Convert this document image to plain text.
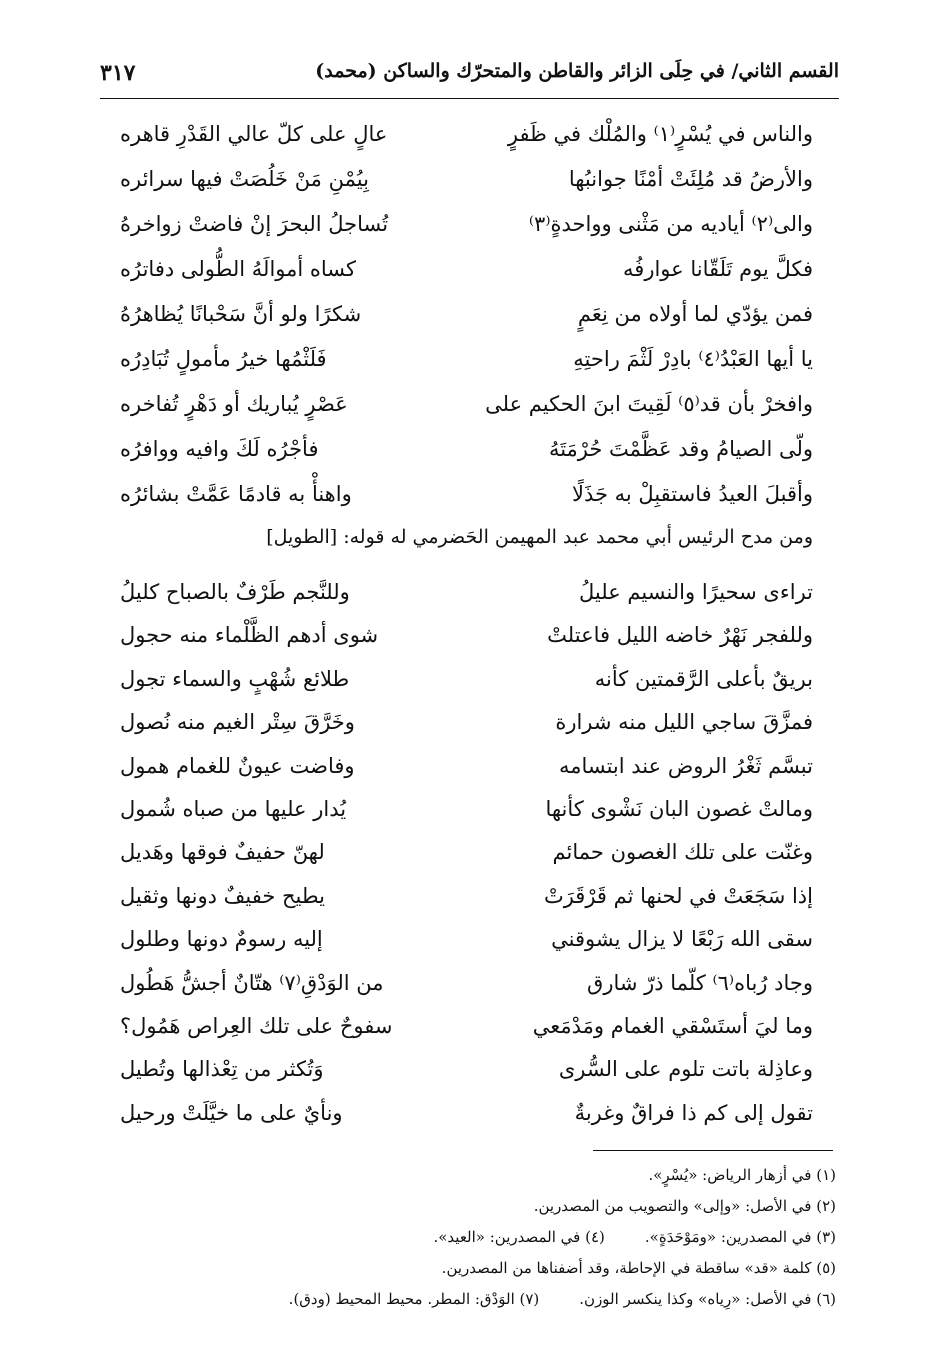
القسم الثاني/ في حِلَى الزائر والقاطن والمتحرّك والساكن (محمد)
٣١٧
والناس في يُسْرٍ⁽١⁾ والمُلْك في ظَفرٍ
عالٍ على كلّ عالي القَدْرِ قاهره
والأرضُ قد مُلِئَتْ أمْنًا جوانبُها
بِيُمْنِ مَنْ خَلُصَتْ فيها سرائره
والى⁽٢⁾ أياديه من مَثْنى وواحدةٍ⁽٣⁾
تُساجلُ البحرَ إنْ فاضتْ زواخرهُ
فكلَّ يوم تَلَقّانا عوارفُه
كساه أموالَهُ الطُّولى دفاترُه
فمن يؤدّي لما أولاه من نِعَمٍ
شكرًا ولو أنَّ سَحْبانًا يُظاهرُهُ
يا أيها العَبْدُ⁽٤⁾ بادِرْ لَثْمَ راحتِهِ
فَلَثْمُها خيرُ مأمولٍ تُبَادِرُه
وافخرْ بأن قد⁽٥⁾ لَقِيتَ ابنَ الحكيم على
عَصْرٍ يُباريك أو دَهْرٍ تُفاخره
ولّى الصيامُ وقد عَظَّمْتَ حُرْمَتَهُ
فأجْرُه لَكَ وافيه ووافرُه
وأقبلَ العيدُ فاستقبِلْ به جَذَلًا
واهنأْ به قادمًا عَمَّتْ بشائرُه
ومن مدح الرئيس أبي محمد عبد المهيمن الحَضرمي له قوله: [الطويل]
تراءى سحيرًا والنسيم عليلُ
وللنَّجم طَرْفٌ بالصباح كليلُ
وللفجر نَهْرٌ خاضه الليل فاعتلتْ
شوى أدهم الظَّلْماء منه حجول
بريقٌ بأعلى الرَّقمتين كأنه
طلائع شُهْبٍ والسماء تجول
فمزَّقَ ساجي الليل منه شرارة
وخَرَّقَ سِتْر الغيم منه نُصول
تبسَّم ثَغْرُ الروض عند ابتسامه
وفاضت عيونٌ للغمام همول
ومالتْ غصون البان نَشْوى كأنها
يُدار عليها من صباه شُمول
وغنّت على تلك الغصون حمائم
لهنّ حفيفٌ فوقها وهَديل
إذا سَجَعَتْ في لحنها ثم قَرْقَرَتْ
يطيح خفيفٌ دونها وثقيل
سقى الله رَبْعًا لا يزال يشوقني
إليه رسومٌ دونها وطلول
وجاد رُباه⁽٦⁾ كلّما ذرّ شارق
من الوَدْقِ⁽٧⁾ هتّانٌ أجشُّ هَطُول
وما ليَ أستَسْقي الغمام ومَدْمَعي
سفوحٌ على تلك العِراص هَمُول؟
وعاذِلة باتت تلوم على السُّرى
وَتُكثر من تِعْذالها وتُطيل
تقول إلى كم ذا فراقٌ وغربةٌ
ونأيٌ على ما خيَّلَتْ ورحيل
(١) في أزهار الرياض: «يُسْرٍ».
(٢) في الأصل: «وإلى» والتصويب من المصدرين.
(٣) في المصدرين: «ومَوْحَدَةٍ».
(٤) في المصدرين: «العيد».
(٥) كلمة «قد» ساقطة في الإحاطة، وقد أضفناها من المصدرين.
(٦) في الأصل: «رِياه» وكذا ينكسر الوزن.
(٧) الوَدْق: المطر. محيط المحيط (ودق).
